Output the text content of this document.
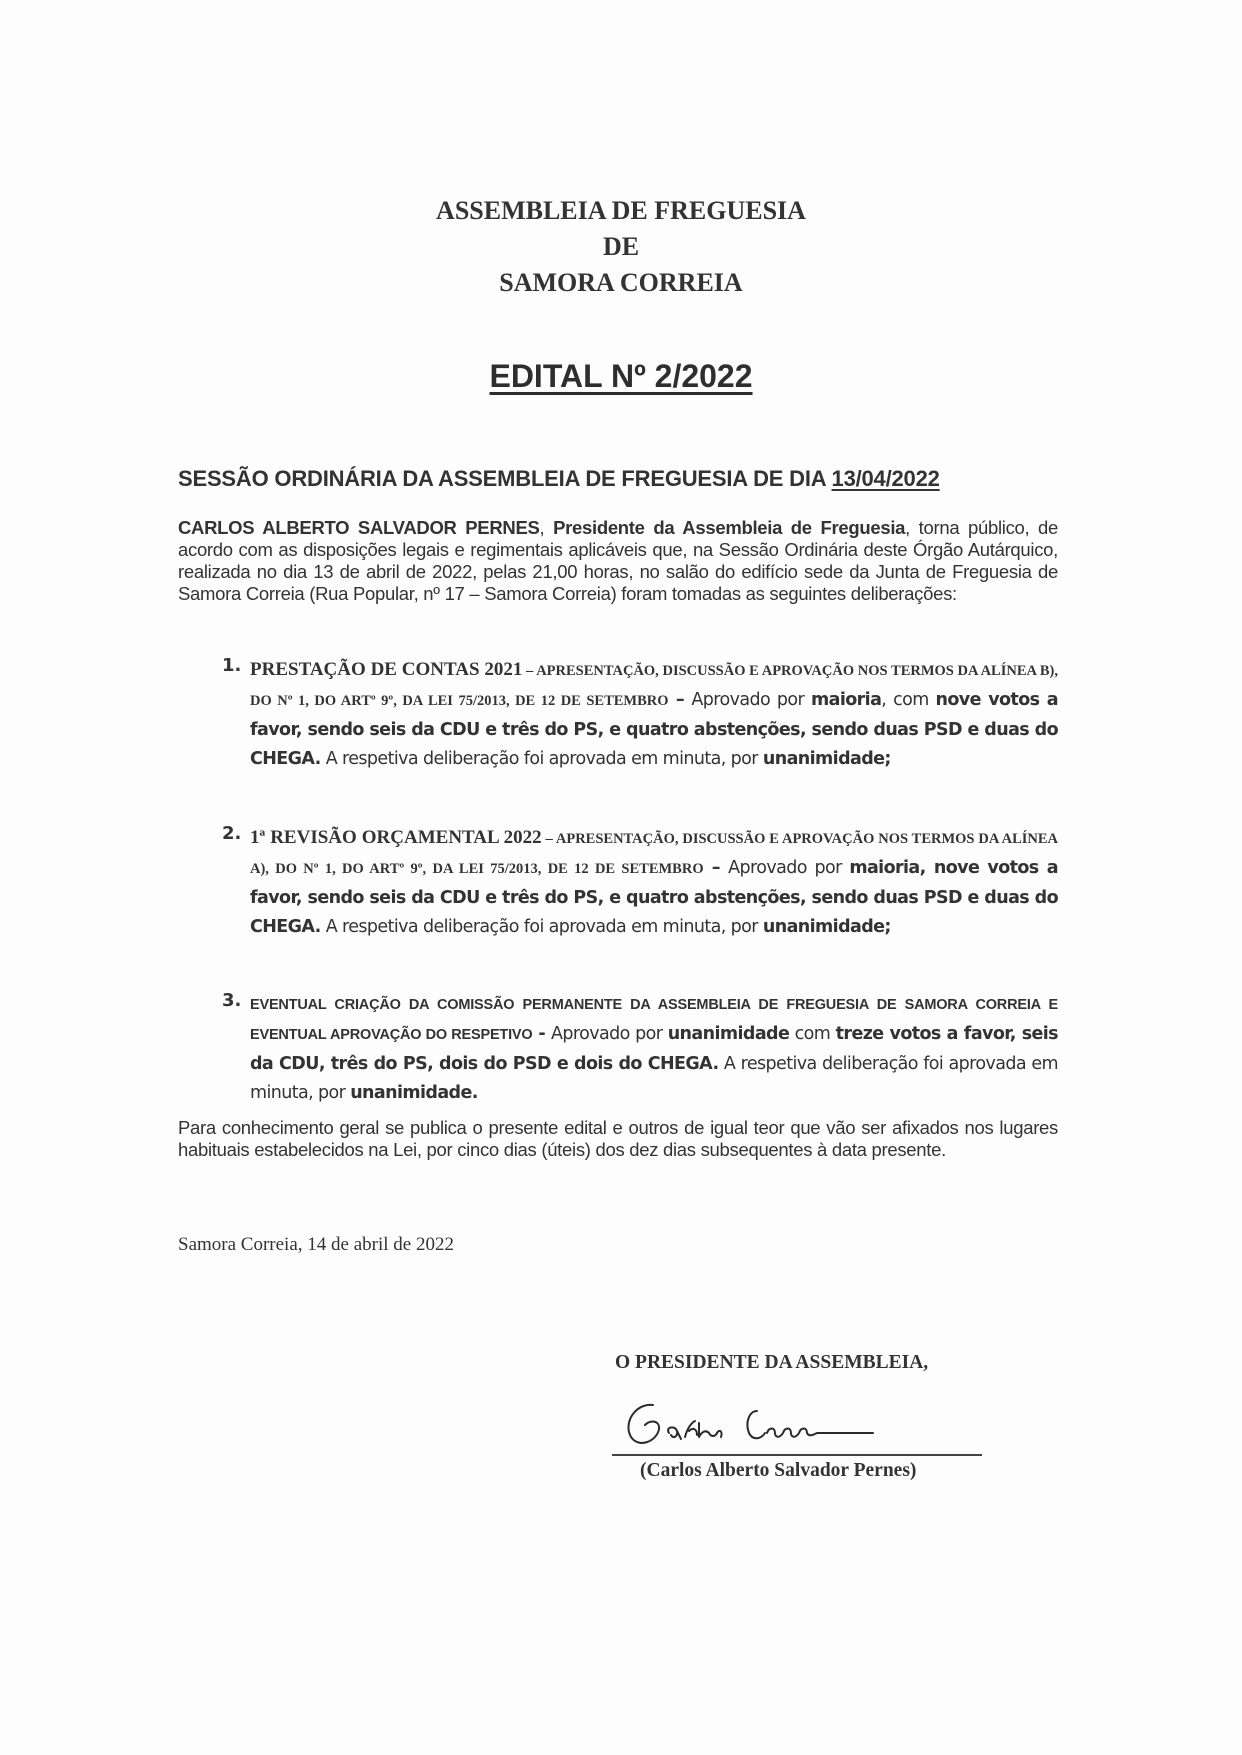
ASSEMBLEIA DE FREGUESIA
DE
SAMORA CORREIA
EDITAL Nº 2/2022
SESSÃO ORDINÁRIA DA ASSEMBLEIA DE FREGUESIA DE DIA 13/04/2022
CARLOS ALBERTO SALVADOR PERNES, Presidente da Assembleia de Freguesia, torna público, de acordo com as disposições legais e regimentais aplicáveis que, na Sessão Ordinária deste Órgão Autárquico, realizada no dia 13 de abril de 2022, pelas 21,00 horas, no salão do edifício sede da Junta de Freguesia de Samora Correia (Rua Popular, nº 17 – Samora Correia) foram tomadas as seguintes deliberações:
1. PRESTAÇÃO DE CONTAS 2021 – APRESENTAÇÃO, DISCUSSÃO E APROVAÇÃO NOS TERMOS DA ALÍNEA B), DO Nº 1, DO ARTº 9º, DA LEI 75/2013, DE 12 DE SETEMBRO – Aprovado por maioria, com nove votos a favor, sendo seis da CDU e três do PS, e quatro abstenções, sendo duas PSD e duas do CHEGA. A respetiva deliberação foi aprovada em minuta, por unanimidade;
2. 1ª REVISÃO ORÇAMENTAL 2022 – APRESENTAÇÃO, DISCUSSÃO E APROVAÇÃO NOS TERMOS DA ALÍNEA A), DO Nº 1, DO ARTº 9º, DA LEI 75/2013, DE 12 DE SETEMBRO – Aprovado por maioria, nove votos a favor, sendo seis da CDU e três do PS, e quatro abstenções, sendo duas PSD e duas do CHEGA. A respetiva deliberação foi aprovada em minuta, por unanimidade;
3. EVENTUAL CRIAÇÃO DA COMISSÃO PERMANENTE DA ASSEMBLEIA DE FREGUESIA DE SAMORA CORREIA E EVENTUAL APROVAÇÃO DO RESPETIVO - Aprovado por unanimidade com treze votos a favor, seis da CDU, três do PS, dois do PSD e dois do CHEGA. A respetiva deliberação foi aprovada em minuta, por unanimidade.
Para conhecimento geral se publica o presente edital e outros de igual teor que vão ser afixados nos lugares habituais estabelecidos na Lei, por cinco dias (úteis) dos dez dias subsequentes à data presente.
Samora Correia, 14 de abril de 2022
O PRESIDENTE DA ASSEMBLEIA,
(Carlos Alberto Salvador Pernes)
